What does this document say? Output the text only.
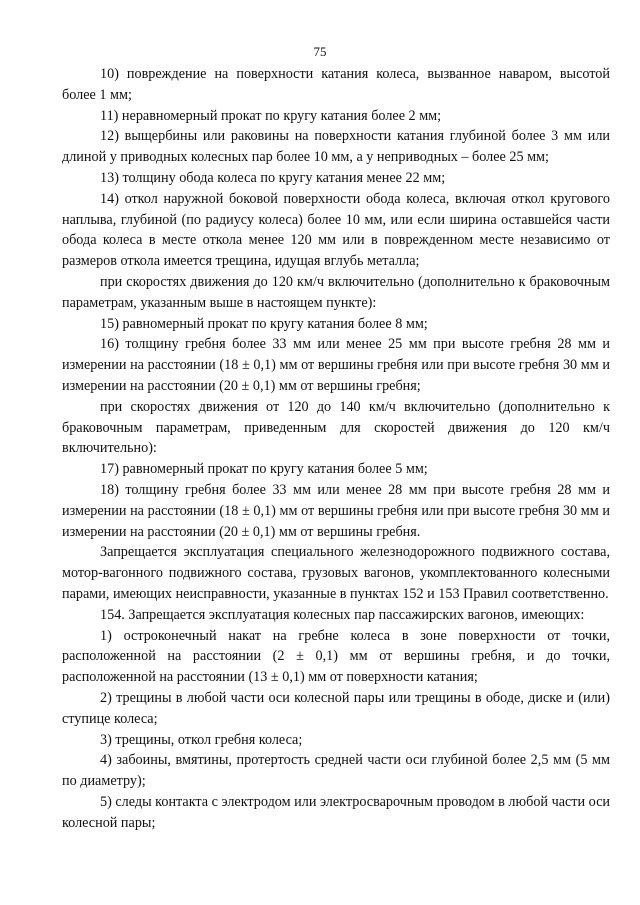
75

10) повреждение на поверхности катания колеса, вызванное наваром, высотой более 1 мм;

11) неравномерный прокат по кругу катания более 2 мм;

12) выщербины или раковины на поверхности катания глубиной более 3 мм или длиной у приводных колесных пар более 10 мм, а у неприводных – более 25 мм;

13) толщину обода колеса по кругу катания менее 22 мм;

14) откол наружной боковой поверхности обода колеса, включая откол кругового наплыва, глубиной (по радиусу колеса) более 10 мм, или если ширина оставшейся части обода колеса в месте откола менее 120 мм или в поврежденном месте независимо от размеров откола имеется трещина, идущая вглубь металла;

при скоростях движения до 120 км/ч включительно (дополнительно к браковочным параметрам, указанным выше в настоящем пункте):

15) равномерный прокат по кругу катания более 8 мм;

16) толщину гребня более 33 мм или менее 25 мм при высоте гребня 28 мм и измерении на расстоянии (18 ± 0,1) мм от вершины гребня или при высоте гребня 30 мм и измерении на расстоянии (20 ± 0,1) мм от вершины гребня;

при скоростях движения от 120 до 140 км/ч включительно (дополнительно к браковочным параметрам, приведенным для скоростей движения до 120 км/ч включительно):

17) равномерный прокат по кругу катания более 5 мм;

18) толщину гребня более 33 мм или менее 28 мм при высоте гребня 28 мм и измерении на расстоянии (18 ± 0,1) мм от вершины гребня или при высоте гребня 30 мм и измерении на расстоянии (20 ± 0,1) мм от вершины гребня.

Запрещается эксплуатация специального железнодорожного подвижного состава, мотор-вагонного подвижного состава, грузовых вагонов, укомплектованного колесными парами, имеющих неисправности, указанные в пунктах 152 и 153 Правил соответственно.

154. Запрещается эксплуатация колесных пар пассажирских вагонов, имеющих:

1) остроконечный накат на гребне колеса в зоне поверхности от точки, расположенной на расстоянии (2 ± 0,1) мм от вершины гребня, и до точки, расположенной на расстоянии (13 ± 0,1) мм от поверхности катания;

2) трещины в любой части оси колесной пары или трещины в ободе, диске и (или) ступице колеса;

3) трещины, откол гребня колеса;

4) забоины, вмятины, протертость средней части оси глубиной более 2,5 мм (5 мм по диаметру);

5) следы контакта с электродом или электросварочным проводом в любой части оси колесной пары;
